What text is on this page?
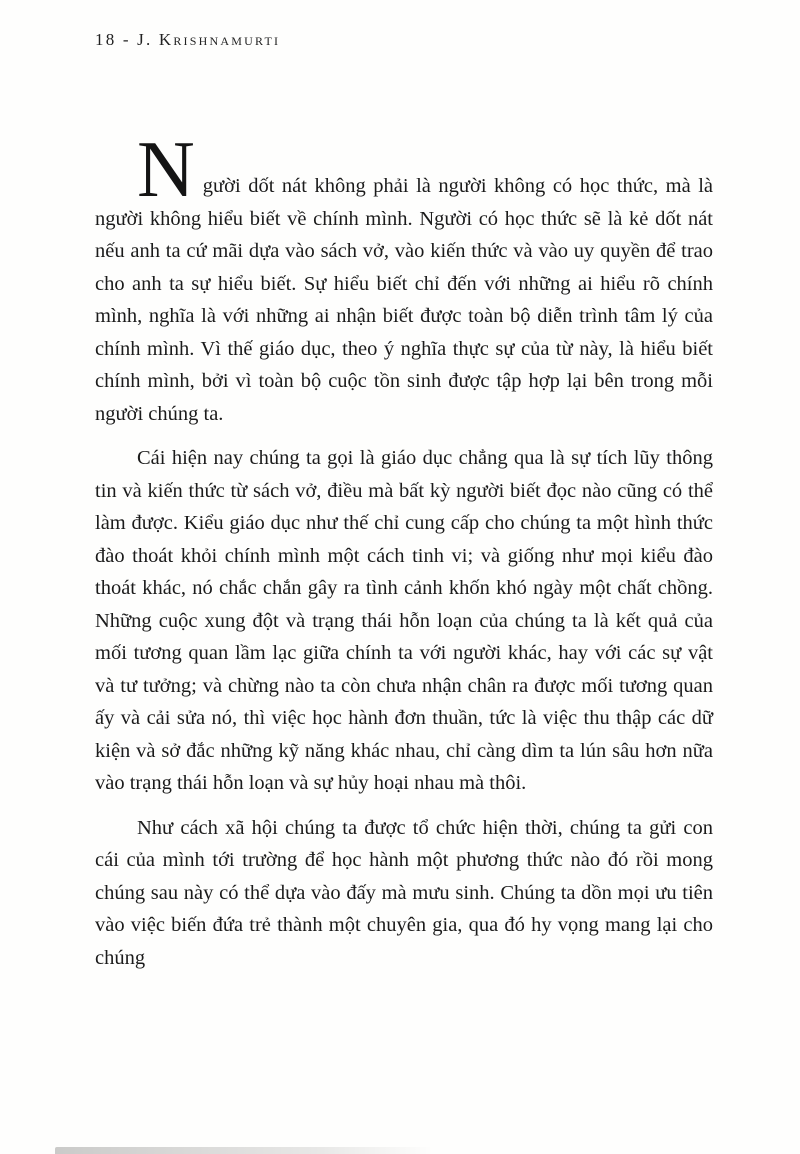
18 - J. Krishnamurti

Người dốt nát không phải là người không có học thức, mà là người không hiểu biết về chính mình. Người có học thức sẽ là kẻ dốt nát nếu anh ta cứ mãi dựa vào sách vở, vào kiến thức và vào uy quyền để trao cho anh ta sự hiểu biết. Sự hiểu biết chỉ đến với những ai hiểu rõ chính mình, nghĩa là với những ai nhận biết được toàn bộ diễn trình tâm lý của chính mình. Vì thế giáo dục, theo ý nghĩa thực sự của từ này, là hiểu biết chính mình, bởi vì toàn bộ cuộc tồn sinh được tập hợp lại bên trong mỗi người chúng ta.

Cái hiện nay chúng ta gọi là giáo dục chẳng qua là sự tích lũy thông tin và kiến thức từ sách vở, điều mà bất kỳ người biết đọc nào cũng có thể làm được. Kiểu giáo dục như thế chỉ cung cấp cho chúng ta một hình thức đào thoát khỏi chính mình một cách tinh vi; và giống như mọi kiểu đào thoát khác, nó chắc chắn gây ra tình cảnh khốn khó ngày một chất chồng. Những cuộc xung đột và trạng thái hỗn loạn của chúng ta là kết quả của mối tương quan lầm lạc giữa chính ta với người khác, hay với các sự vật và tư tưởng; và chừng nào ta còn chưa nhận chân ra được mối tương quan ấy và cải sửa nó, thì việc học hành đơn thuần, tức là việc thu thập các dữ kiện và sở đắc những kỹ năng khác nhau, chỉ càng dìm ta lún sâu hơn nữa vào trạng thái hỗn loạn và sự hủy hoại nhau mà thôi.

Như cách xã hội chúng ta được tổ chức hiện thời, chúng ta gửi con cái của mình tới trường để học hành một phương thức nào đó rồi mong chúng sau này có thể dựa vào đấy mà mưu sinh. Chúng ta dồn mọi ưu tiên vào việc biến đứa trẻ thành một chuyên gia, qua đó hy vọng mang lại cho chúng
